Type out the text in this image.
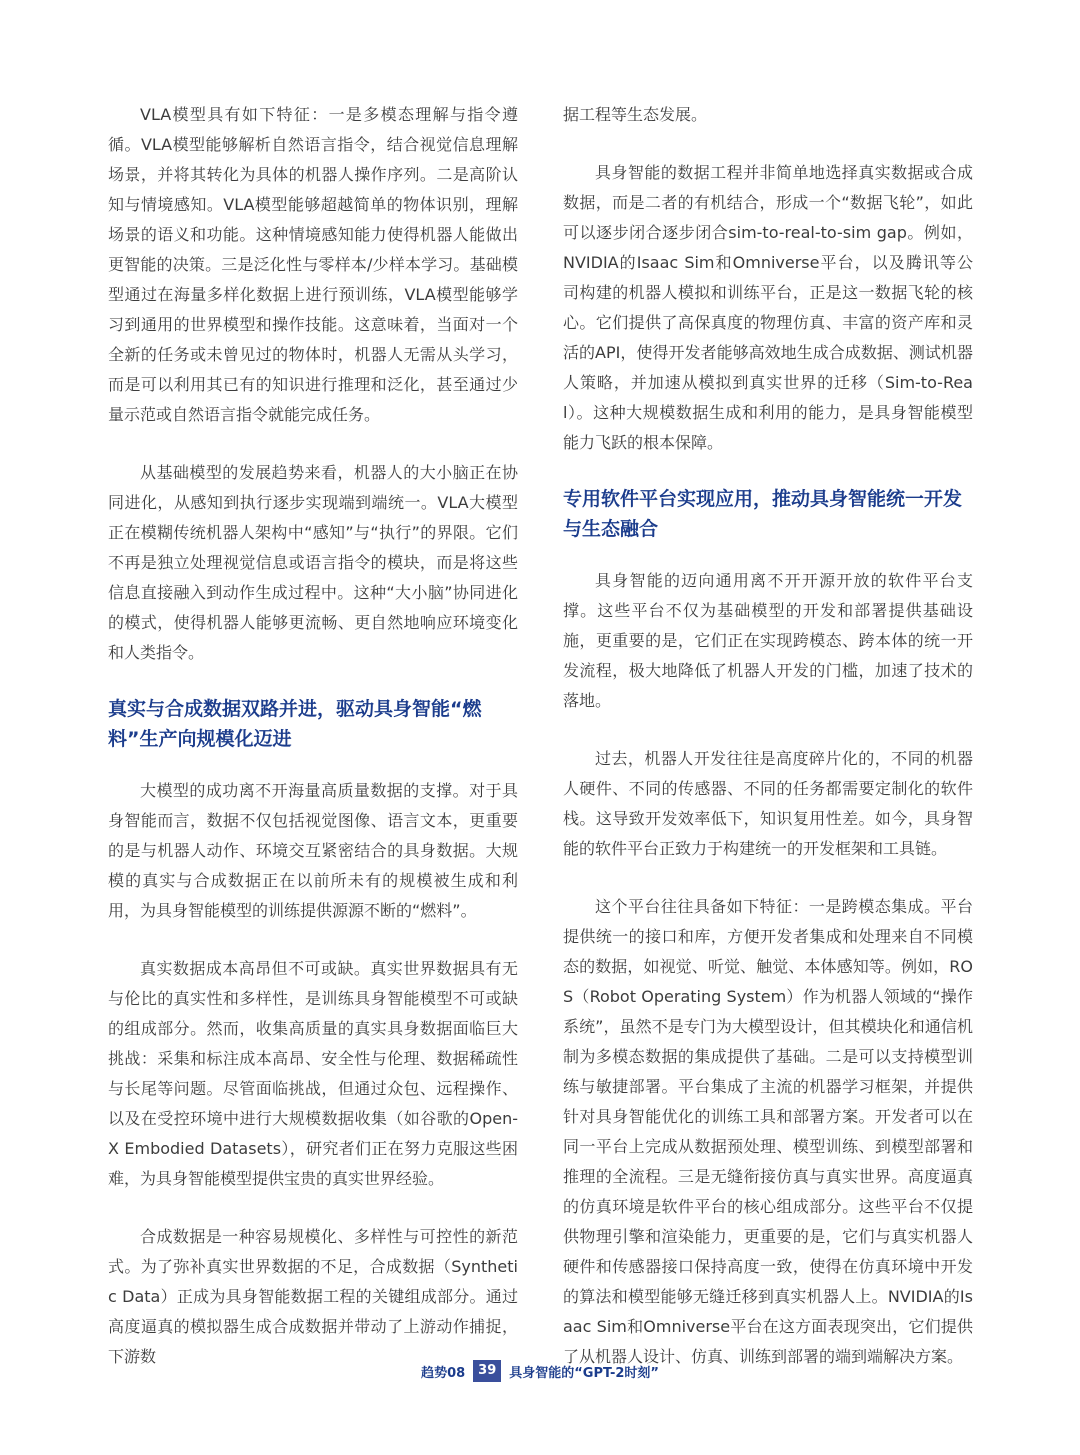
VLA模型具有如下特征：一是多模态理解与指令遵循。VLA模型能够解析自然语言指令，结合视觉信息理解场景，并将其转化为具体的机器人操作序列。二是高阶认知与情境感知。VLA模型能够超越简单的物体识别，理解场景的语义和功能。这种情境感知能力使得机器人能做出更智能的决策。三是泛化性与零样本/少样本学习。基础模型通过在海量多样化数据上进行预训练，VLA模型能够学习到通用的世界模型和操作技能。这意味着，当面对一个全新的任务或未曾见过的物体时，机器人无需从头学习，而是可以利用其已有的知识进行推理和泛化，甚至通过少量示范或自然语言指令就能完成任务。

从基础模型的发展趋势来看，机器人的大小脑正在协同进化，从感知到执行逐步实现端到端统一。VLA大模型正在模糊传统机器人架构中“感知”与“执行”的界限。它们不再是独立处理视觉信息或语言指令的模块，而是将这些信息直接融入到动作生成过程中。这种“大小脑”协同进化的模式，使得机器人能够更流畅、更自然地响应环境变化和人类指令。

真实与合成数据双路并进，驱动具身智能“燃料”生产向规模化迈进

大模型的成功离不开海量高质量数据的支撑。对于具身智能而言，数据不仅包括视觉图像、语言文本，更重要的是与机器人动作、环境交互紧密结合的具身数据。大规模的真实与合成数据正在以前所未有的规模被生成和利用，为具身智能模型的训练提供源源不断的“燃料”。

真实数据成本高昂但不可或缺。真实世界数据具有无与伦比的真实性和多样性，是训练具身智能模型不可或缺的组成部分。然而，收集高质量的真实具身数据面临巨大挑战：采集和标注成本高昂、安全性与伦理、数据稀疏性与长尾等问题。尽管面临挑战，但通过众包、远程操作、以及在受控环境中进行大规模数据收集（如谷歌的Open-X Embodied Datasets），研究者们正在努力克服这些困难，为具身智能模型提供宝贵的真实世界经验。

合成数据是一种容易规模化、多样性与可控性的新范式。为了弥补真实世界数据的不足，合成数据（Synthetic Data）正成为具身智能数据工程的关键组成部分。通过高度逼真的模拟器生成合成数据并带动了上游动作捕捉，下游数

据工程等生态发展。

具身智能的数据工程并非简单地选择真实数据或合成数据，而是二者的有机结合，形成一个“数据飞轮”，如此可以逐步闭合逐步闭合sim-to-real-to-sim gap。例如，NVIDIA的Isaac Sim和Omniverse平台，以及腾讯等公司构建的机器人模拟和训练平台，正是这一数据飞轮的核心。它们提供了高保真度的物理仿真、丰富的资产库和灵活的API，使得开发者能够高效地生成合成数据、测试机器人策略，并加速从模拟到真实世界的迁移（Sim-to-Real）。这种大规模数据生成和利用的能力，是具身智能模型能力飞跃的根本保障。

专用软件平台实现应用，推动具身智能统一开发与生态融合

具身智能的迈向通用离不开开源开放的软件平台支撑。这些平台不仅为基础模型的开发和部署提供基础设施，更重要的是，它们正在实现跨模态、跨本体的统一开发流程，极大地降低了机器人开发的门槛，加速了技术的落地。

过去，机器人开发往往是高度碎片化的，不同的机器人硬件、不同的传感器、不同的任务都需要定制化的软件栈。这导致开发效率低下，知识复用性差。如今，具身智能的软件平台正致力于构建统一的开发框架和工具链。

这个平台往往具备如下特征：一是跨模态集成。平台提供统一的接口和库，方便开发者集成和处理来自不同模态的数据，如视觉、听觉、触觉、本体感知等。例如，ROS（Robot Operating System）作为机器人领域的“操作系统”，虽然不是专门为大模型设计，但其模块化和通信机制为多模态数据的集成提供了基础。二是可以支持模型训练与敏捷部署。平台集成了主流的机器学习框架，并提供针对具身智能优化的训练工具和部署方案。开发者可以在同一平台上完成从数据预处理、模型训练、到模型部署和推理的全流程。三是无缝衔接仿真与真实世界。高度逼真的仿真环境是软件平台的核心组成部分。这些平台不仅提供物理引擎和渲染能力，更重要的是，它们与真实机器人硬件和传感器接口保持高度一致，使得在仿真环境中开发的算法和模型能够无缝迁移到真实机器人上。NVIDIA的Isaac Sim和Omniverse平台在这方面表现突出，它们提供了从机器人设计、仿真、训练到部署的端到端解决方案。

趋势08	39	具身智能的“GPT-2时刻”
